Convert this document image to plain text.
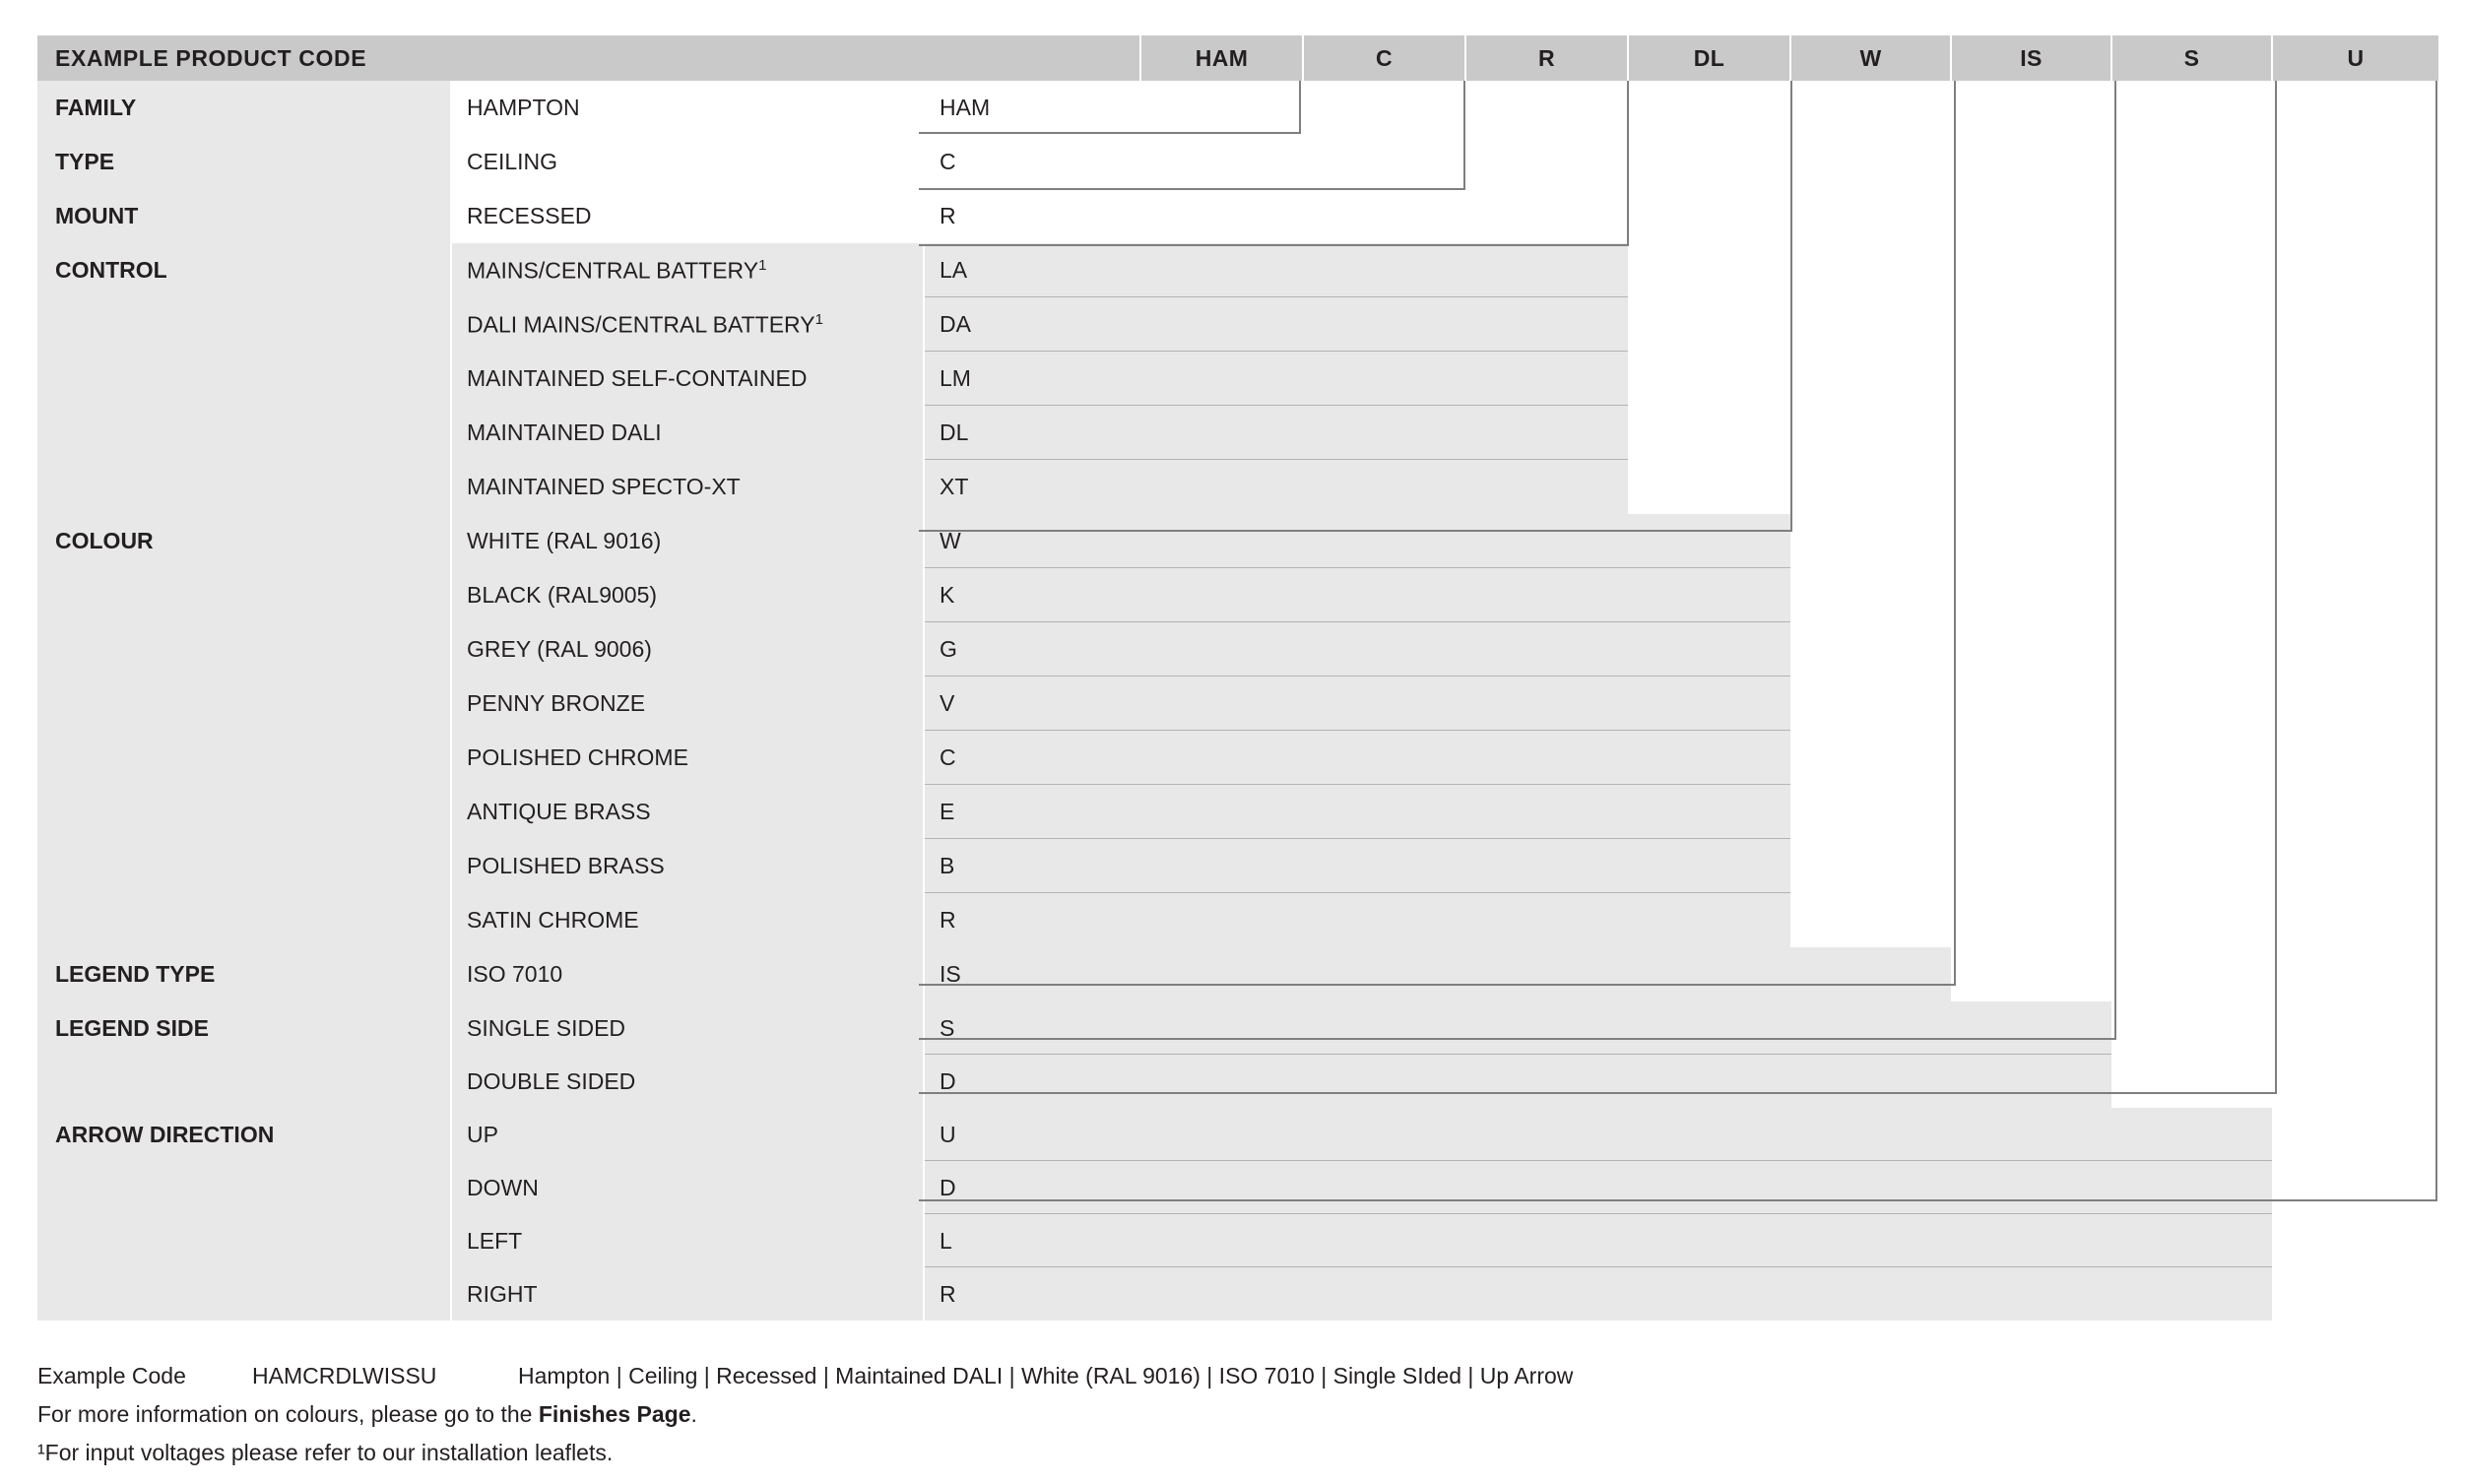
EXAMPLE PRODUCT CODE			HAM	C	R	DL	W	IS	S	U
FAMILY	HAMPTON	HAM								
TYPE	CEILING	C								
MOUNT	RECESSED	R								
CONTROL	MAINS/CENTRAL BATTERY$^1$	LA						

	DALI MAINS/CENTRAL BATTERY$^1$	DA						

	MAINTAINED SELF-CONTAINED	LM						

	MAINTAINED DALI	DL						

	MAINTAINED SPECTO-XT	XT								
COLOUR	WHITE (RAL 9016)	W						

	BLACK (RAL9005)	K						

	GREY (RAL 9006)	G						

	PENNY BRONZE	V						

	POLISHED CHROME	C						

	ANTIQUE BRASS	E						

	POLISHED BRASS	B						

	SATIN CHROME	R								
LEGEND TYPE	ISO 7010	IS								
LEGEND SIDE	SINGLE SIDED	S						

	DOUBLE SIDED	D								
ARROW DIRECTION	UP	U						

	DOWN	D						

	LEFT	L						

	RIGHT	R								
Example Code	HAMCRDLWISSU	Hampton | Ceiling | Recessed | Maintained DALI | White (RAL 9016) | ISO 7010 | Single SIded | Up Arrow
For more information on colours, please go to the Finishes Page.
¹For input voltages please refer to our installation leaflets.
